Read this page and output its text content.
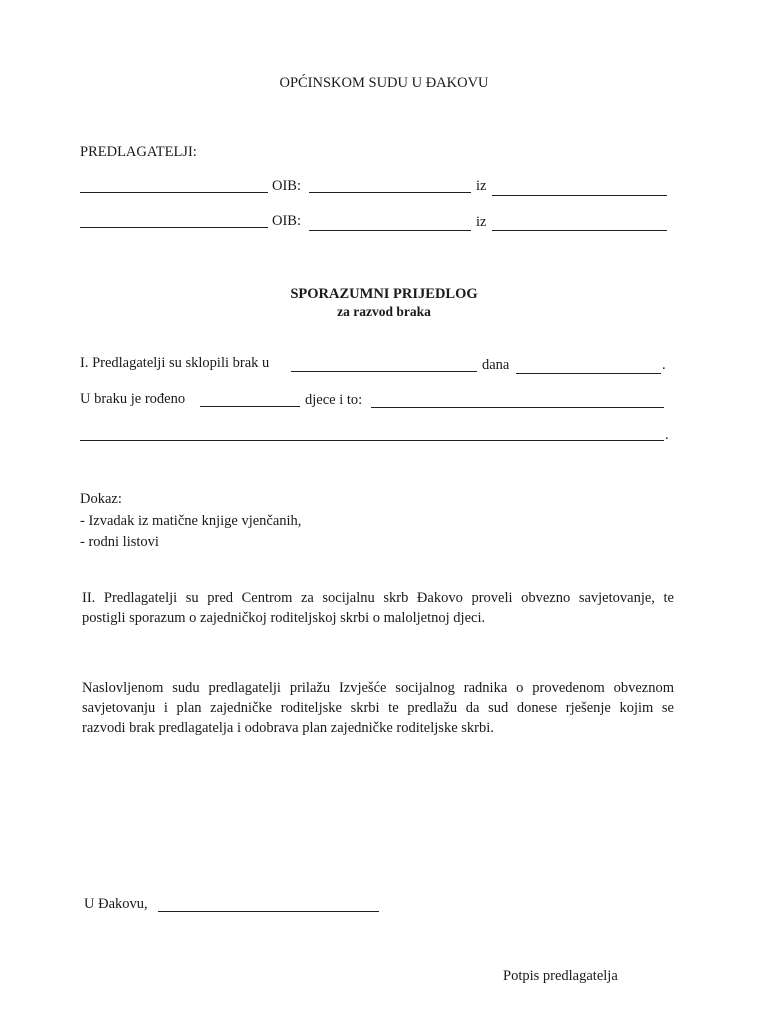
OPĆINSKOM SUDU U ĐAKOVU
PREDLAGATELJI:
OIB:	iz
OIB:	iz
SPORAZUMNI PRIJEDLOG
za razvod braka
I. Predlagatelji su sklopili brak u	dana	.
U braku je rođeno	djece i to:
.
Dokaz:
- Izvadak iz matične knjige vjenčanih,
- rodni listovi
II. Predlagatelji su pred Centrom za socijalnu skrb Đakovo proveli obvezno savjetovanje, te
postigli sporazum o zajedničkoj roditeljskoj skrbi o maloljetnoj djeci.
Naslovljenom sudu predlagatelji prilažu Izvješće socijalnog radnika o provedenom obveznom
savjetovanju i plan zajedničke roditeljske skrbi te predlažu da sud donese rješenje kojim se
razvodi brak predlagatelja i odobrava plan zajedničke roditeljske skrbi.
U Đakovu,
Potpis predlagatelja
